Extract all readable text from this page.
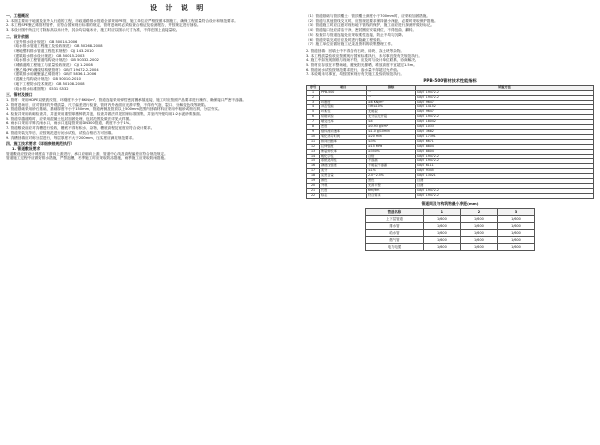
设 计 说 明

一、工程概况

1. 本图主要用于地面及室外人行道的工程，市政道路排水管道全部采用PE管，施工单位应严格按照本图施工，确保工程质量符合设计和规范要求。

2. 本工程SPE聚乙烯管材管件，应符合国家现行标准的规定，管材进场时必须检查合格证及检测报告，并按规定进行抽检。

3. 本设计图中所注尺寸除标高以米计外，其余均以毫米计，施工时应以图示尺寸为准，不得在图上直接量取。

二、设计依据

《室外排水设计规范》 GB 50014-2006

《给水排水管道工程施工及验收规范》 GB 50268-2008

《埋地塑料排水管道工程技术规程》 CJJ 143-2010

《建筑给水排水设计规范》 GB 50015-2003

《给水排水工程管道结构设计规范》 GB 50332-2002

《城镇道路工程施工与质量验收规范》 CJJ 1-2008

《聚乙烯(PE)缠绕结构壁管材》 GB/T 19472.2-2004

《建筑排水用硬聚氯乙烯管材》 GB/T 5836.1-2006

《混凝土结构设计规范》 GB 50010-2010

《地下工程防水技术规范》 GB 50108-2008

《给水排水标准图集》 S531 S532

三、管材及接口

1. 管材：采用HDPE双壁波纹管，环刚度不小于8KN/m²，管道连接采用弹性密封圈承插连接，施工时应按照产品要求进行操作，确保接口严密不渗漏。

2. 管材进场后，应对管材的外观质量、尺寸偏差进行检查，管材内外表面应光滑平整，不得有气泡、裂口、分解变色线等缺陷。

3. 管道基础采用砂石基础，基础厚度不小于150mm，管道两侧及管顶以上500mm范围内回填材料应采用中粗砂或细石屑，分层夯实。

4. 检查井采用砖砌检查井，井盖采用重型球墨铸铁井盖，检查井做法详见国家标准图集，井室内外壁均用1:2水泥砂浆抹面。

5. 管道穿越道路时，应采用混凝土包封加固处理，包封范围及做法详见大样图。

6. 雨水口采用平箅式雨水口，雨水口连接管采用DN300管道，坡度不小于1%。

7. 管道敷设前应对沟槽进行验收，槽底不得有积水、杂物，槽底高程及宽度应符合设计要求。

8. 管道安装完毕后，应按规范进行闭水试验，试验合格后方可回填。

9. 沟槽回填应对称分层进行，每层厚度不大于200mm，压实度应满足规范要求。

四、施工技术要求（详细参照规范执行）

1. 管道敷设要求

管道敷设应按设计坡度由下游向上游进行，承口应朝向上游，管道中心线及高程偏差应符合规范规定。

管道施工过程中应做好排水措施，严禁泡槽，冬季施工时应采取防冻措施，雨季施工应采取防雨措施。

（1）管道基础与管顶覆土：管顶覆土深度小于700mm时，应采取加固措施。

（2）管道与其他管线交叉时，应按规范要求保持最小净距，必要时采取保护措施。

（3）管道施工时应注意对现有地下管线的保护，施工前应进行探测并做好标记。

（4）管道接口处应清洁干净，密封圈应安装到位，不得扭曲、翻转。

（5）检查井与管道连接处应采取柔性连接，防止不均匀沉降。

（6）管道安装完成后应及时进行隐蔽工程验收。

（7）施工单位应做好施工记录及资料的收集整理工作。

2. 管道回填：回填土中不得含有石块、砖块、冻土块等杂物。

3. 本工程质量验收应按照现行国家标准执行，未尽事宜按有关规范执行。

4. 施工中如发现图纸与现场不符，应及时与设计单位联系，协商解决。

5. 管材应存放在平整场地，避免阳光暴晒，堆放高度不宜超过1.5m。

6. 管道闭水试验按规范要求进行，渗水量不得超过允许值。

7. 本说明未尽事宜，均按国家现行有关施工及验收规范执行。

PPB-500管材技术性能指标
序号	项目	指标	试验方法
1	PPB-500	一	GB/T 19472.2
2		一	GB/T 19472.2
3	环刚度	≥8 KN/m²	GB/T 9647
4	冲击性能	TIR≤10%	GB/T 14152
5	环柔性	无破裂	GB/T 9647
6	烘箱试验	无分层无开裂	GB/T 19472.2
7	蠕变比率	≤4	GB/T 18042
8	密度	≥0.93 g/cm³	GB/T 1033
9	熔体流动速率	≤1.0 g/10min	GB/T 3682
10	氧化诱导时间	≥20 min	GB/T 17391
11	纵向回缩率	≤3%	GB/T 6671
12	拉伸强度	≥15 MPa	GB/T 8804
13	断裂伸长率	≥350%	GB/T 8804
14	耐化学性	合格	GB/T 19472.2
15	系统适用性	不渗漏	GB/T 19472.2
16	静液压强度	不破裂不渗漏	GB/T 6111
17	灰分	≤1%	GB/T 9345
18	炭黑含量	2.0~2.5%	GB/T 13021
19	颜色	黑色	目测
20	外观	光滑平整	目测
21	长度	6m/9m	GB/T 19472.2
22	标志	符合要求	GB/T 19472.2
管道间及与构筑物最小净距(mm)
管道名称	1	2	3
上下层管道	1/600	1/600	1/600
排水管	1/600	1/600	1/600
给水管	1/600	1/600	1/600
燃气管	1/600	1/600	1/600
电力电缆	1/600	1/600	1/600
